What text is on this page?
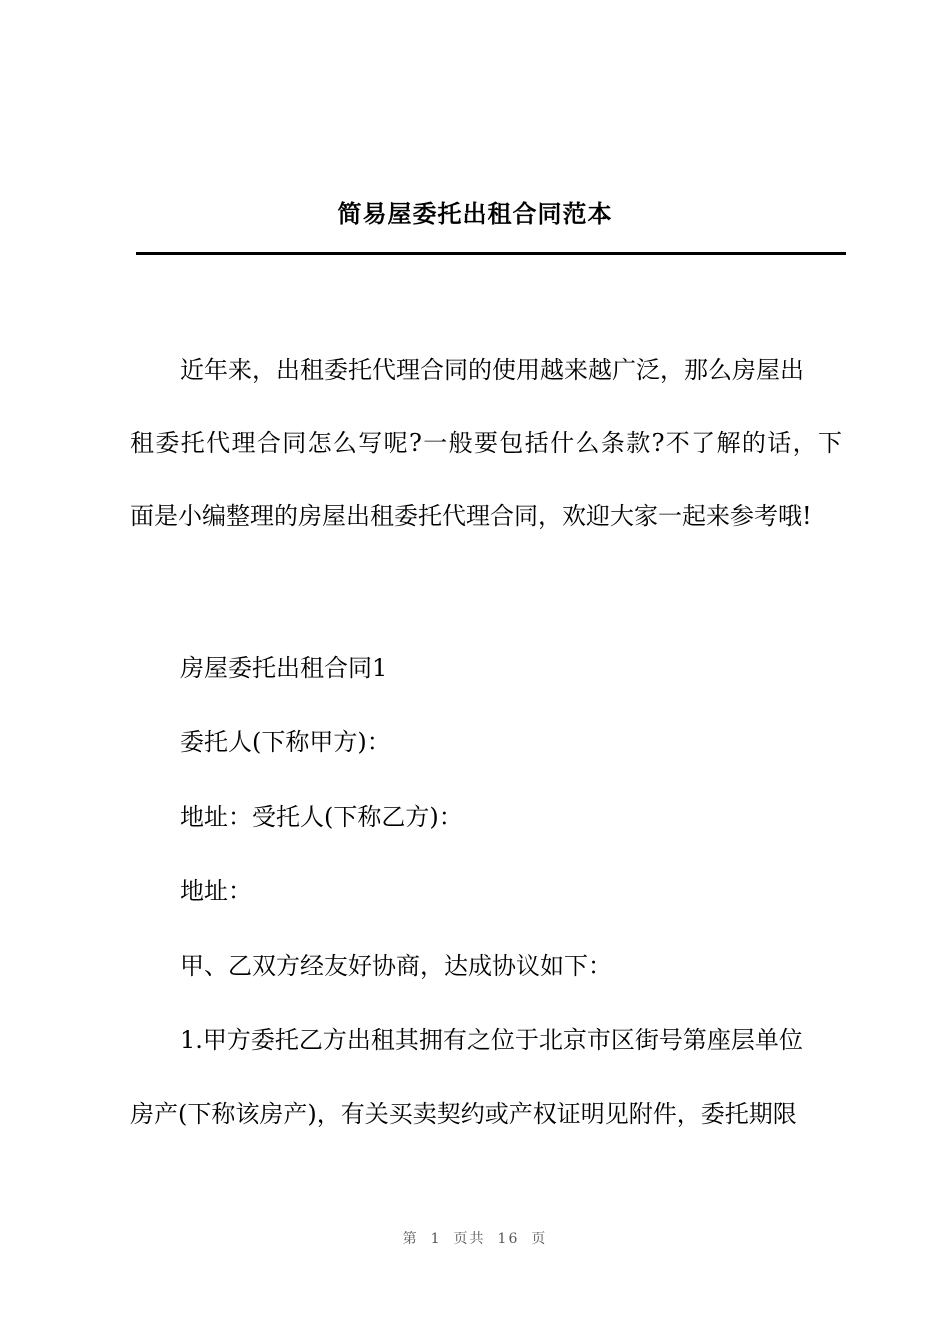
简易屋委托出租合同范本
近年来，出租委托代理合同的使用越来越广泛，那么房屋出
租委托代理合同怎么写呢?一般要包括什么条款?不了解的话，下
面是小编整理的房屋出租委托代理合同，欢迎大家一起来参考哦!
房屋委托出租合同1
委托人(下称甲方)：
地址：受托人(下称乙方)：
地址：
甲、乙双方经友好协商，达成协议如下：
1.甲方委托乙方出租其拥有之位于北京市区街号第座层单位
房产(下称该房产)，有关买卖契约或产权证明见附件，委托期限
第 1 页共 16 页
